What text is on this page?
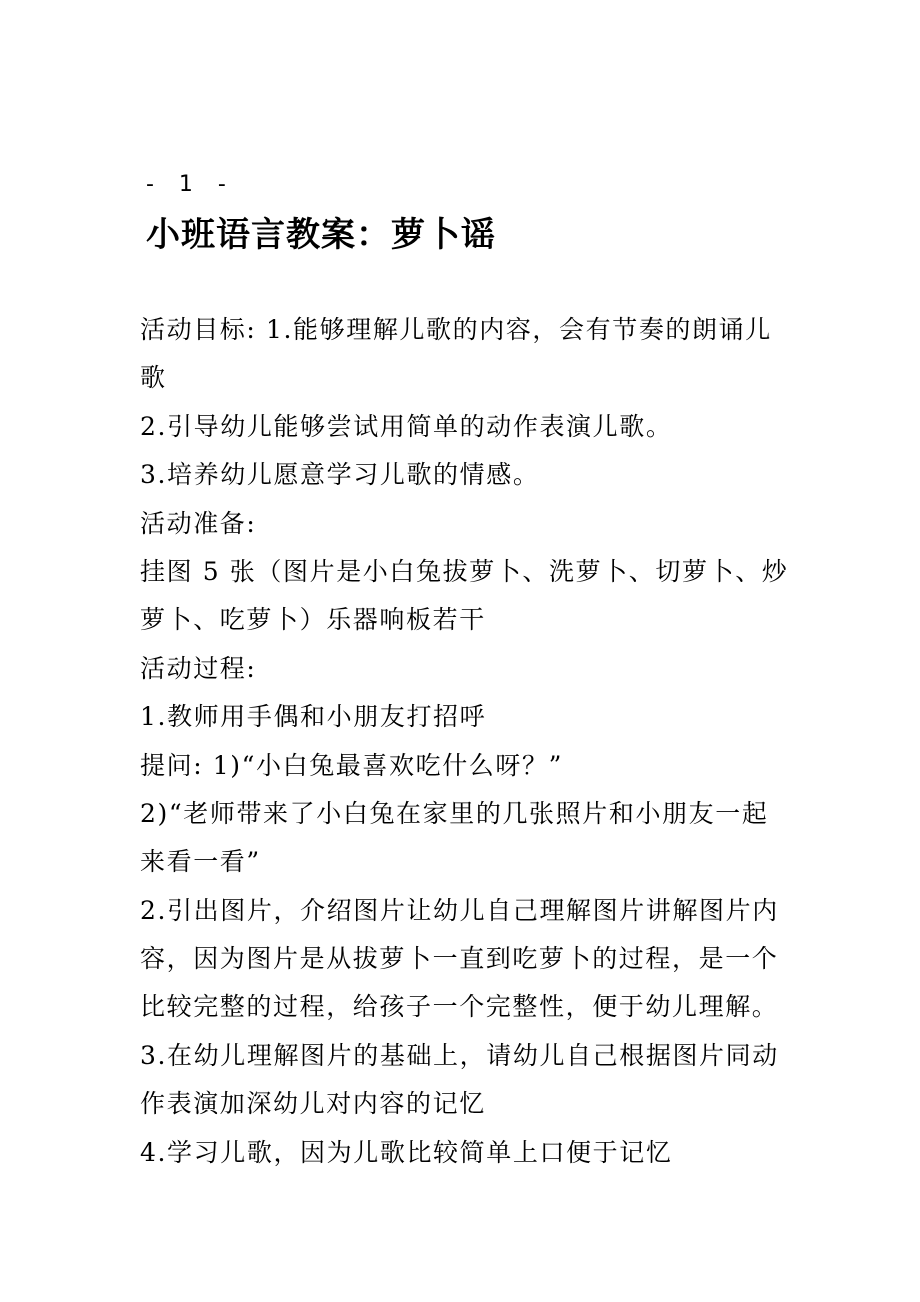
- 1 -
小班语言教案：萝卜谣
活动目标: 1.能够理解儿歌的内容，会有节奏的朗诵儿
歌
2.引导幼儿能够尝试用简单的动作表演儿歌。
3.培养幼儿愿意学习儿歌的情感。
活动准备:
挂图 5 张（图片是小白兔拔萝卜、洗萝卜、切萝卜、炒
萝卜、吃萝卜）乐器响板若干
活动过程:
1.教师用手偶和小朋友打招呼
提问: 1)“小白兔最喜欢吃什么呀？”
2)“老师带来了小白兔在家里的几张照片和小朋友一起
来看一看”
2.引出图片，介绍图片让幼儿自己理解图片讲解图片内
容，因为图片是从拔萝卜一直到吃萝卜的过程，是一个
比较完整的过程，给孩子一个完整性，便于幼儿理解。
3.在幼儿理解图片的基础上，请幼儿自己根据图片同动
作表演加深幼儿对内容的记忆
4.学习儿歌，因为儿歌比较简单上口便于记忆
